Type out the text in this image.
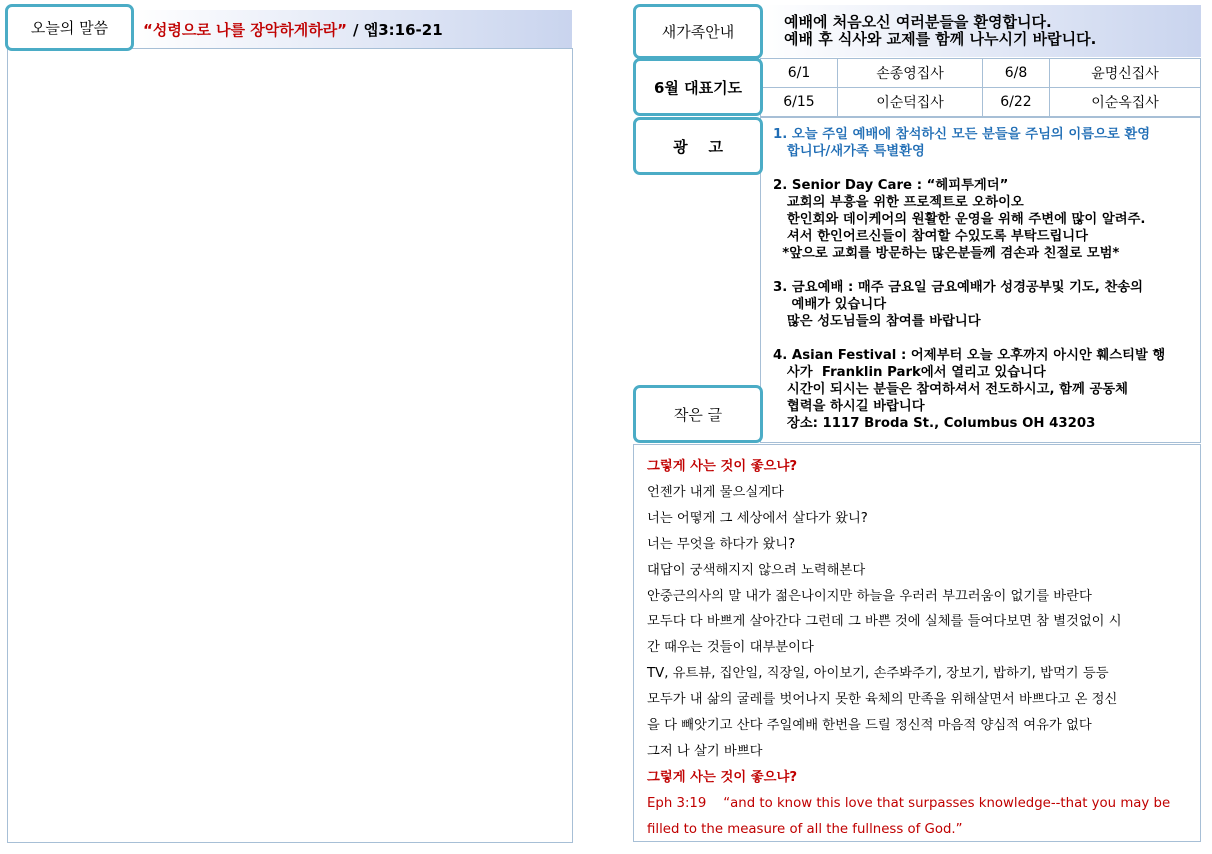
“성령으로 나를 장악하게하라” / 엡3:16-21
오늘의 말씀	예배에 처음오신 여러분들을 환영합니다.
예배 후 식사와 교제를 함께 나누시기 바랍니다.
새가족안내
6/1	손종영집사	6/8	윤명신집사
6/15	이순덕집사	6/22	이순옥집사
6월 대표기도
1. 오늘 주일 예배에 참석하신 모든 분들을 주님의 이름으로 환영
합니다/새가족 특별환영
2. Senior Day Care : “헤피투게더”
교회의 부흥을 위한 프로젝트로 오하이오
한인회와 데이케어의 원활한 운영을 위해 주변에 많이 알려주.
셔서 한인어르신들이 참여할 수있도록 부탁드립니다
*앞으로 교회를 방문하는 많은분들께 겸손과 친절로 모범*
3. 금요예배 : 매주 금요일 금요예배가 성경공부및 기도, 찬송의
예배가 있습니다
많은 성도님들의 참여를 바랍니다
4. Asian Festival : 어제부터 오늘 오후까지 아시안 훼스티발 행
사가  Franklin Park에서 열리고 있습니다
시간이 되시는 분들은 참여하셔서 전도하시고, 함께 공동체
협력을 하시길 바랍니다
장소: 1117 Broda St., Columbus OH 43203
광    고
그렇게 사는 것이 좋으냐?
언젠가 내게 물으실게다
너는 어떻게 그 세상에서 살다가 왔니?
너는 무엇을 하다가 왔니?
대답이 궁색해지지 않으려 노력해본다
안중근의사의 말 내가 젊은나이지만 하늘을 우러러 부끄러움이 없기를 바란다
모두다 다 바쁘게 살아간다 그런데 그 바쁜 것에 실체를 들여다보면 참 별것없이 시
간 때우는 것들이 대부분이다
TV, 유트뷰, 집안일, 직장일, 아이보기, 손주봐주기, 장보기, 밥하기, 밥먹기 등등
모두가 내 삶의 굴레를 벗어나지 못한 육체의 만족을 위해살면서 바쁘다고 온 정신
을 다 빼앗기고 산다 주일예배 한번을 드릴 정신적 마음적 양심적 여유가 없다
그저 나 살기 바쁘다
그렇게 사는 것이 좋으냐?
Eph 3:19    “and to know this love that surpasses knowledge--that you may be
filled to the measure of all the fullness of God.”
작은 글
